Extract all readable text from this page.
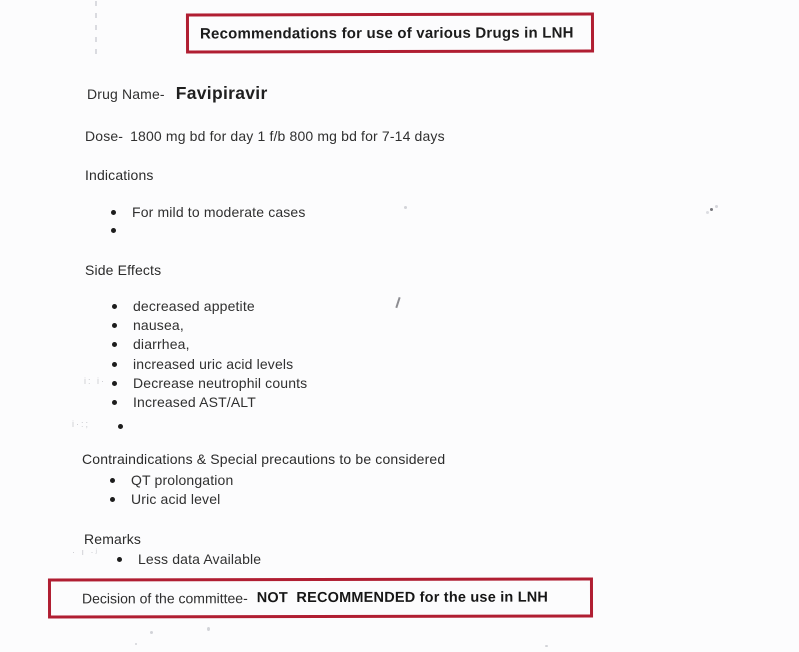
Recommendations for use of various Drugs in LNH
Drug Name- Favipiravir
Dose- 1800 mg bd for day 1 f/b 800 mg bd for 7-14 days
Indications
For mild to moderate cases
Side Effects
decreased appetite
nausea,
diarrhea,
increased uric acid levels
Decrease neutrophil counts
Increased AST/ALT
i: i·
i·:;
Contraindications & Special precautions to be considered
QT prolongation
Uric acid level
Remarks
· ı ·ʲ	Less data Available
Decision of the committee- NOT  RECOMMENDED for the use in LNH
